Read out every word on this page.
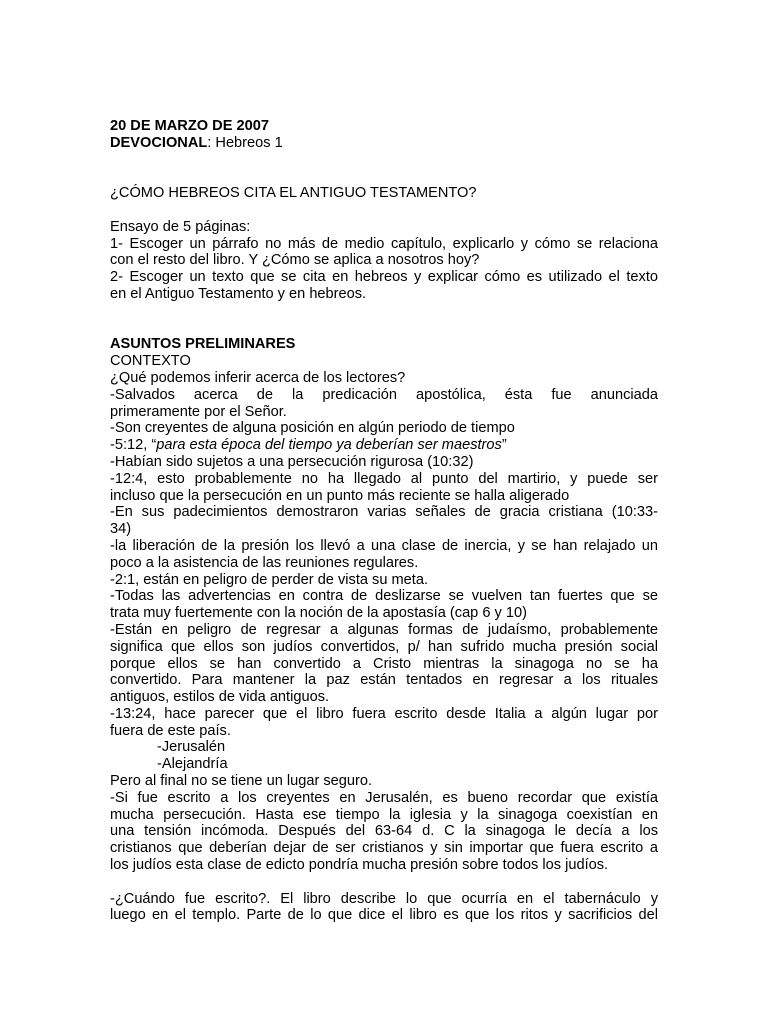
20 DE MARZO DE 2007
DEVOCIONAL: Hebreos 1
¿CÓMO HEBREOS CITA EL ANTIGUO TESTAMENTO?
Ensayo de 5 páginas:
1- Escoger un párrafo no más de medio capítulo, explicarlo y cómo se relaciona
con el resto del libro. Y ¿Cómo se aplica a nosotros hoy?
2- Escoger un texto que se cita en hebreos y explicar cómo es utilizado el texto
en el Antiguo Testamento y en hebreos.
ASUNTOS PRELIMINARES
CONTEXTO
¿Qué podemos inferir acerca de los lectores?
-Salvados acerca de la predicación apostólica, ésta fue anunciada
primeramente por el Señor.
-Son creyentes de alguna posición en algún periodo de tiempo
-5:12, “para esta época del tiempo ya deberían ser maestros”
-Habían sido sujetos a una persecución rigurosa (10:32)
-12:4, esto probablemente no ha llegado al punto del martirio, y puede ser
incluso que la persecución en un punto más reciente se halla aligerado
-En sus padecimientos demostraron varias señales de gracia cristiana (10:33-
34)
-la liberación de la presión los llevó a una clase de inercia, y se han relajado un
poco a la asistencia de las reuniones regulares.
-2:1, están en peligro de perder de vista su meta.
-Todas las advertencias en contra de deslizarse se vuelven tan fuertes que se
trata muy fuertemente con la noción de la apostasía (cap 6 y 10)
-Están en peligro de regresar a algunas formas de judaísmo, probablemente
significa que ellos son judíos convertidos, p/ han sufrido mucha presión social
porque ellos se han convertido a Cristo mientras la sinagoga no se ha
convertido. Para mantener la paz están tentados en regresar a los rituales
antiguos, estilos de vida antiguos.
-13:24, hace parecer que el libro fuera escrito desde Italia a algún lugar por
fuera de este país.
-Jerusalén
-Alejandría
Pero al final no se tiene un lugar seguro.
-Si fue escrito a los creyentes en Jerusalén, es bueno recordar que existía
mucha persecución. Hasta ese tiempo la iglesia y la sinagoga coexistían en
una tensión incómoda. Después del 63-64 d. C la sinagoga le decía a los
cristianos que deberían dejar de ser cristianos y sin importar que fuera escrito a
los judíos esta clase de edicto pondría mucha presión sobre todos los judíos.
-¿Cuándo fue escrito?. El libro describe lo que ocurría en el tabernáculo y
luego en el templo. Parte de lo que dice el libro es que los ritos y sacrificios del
